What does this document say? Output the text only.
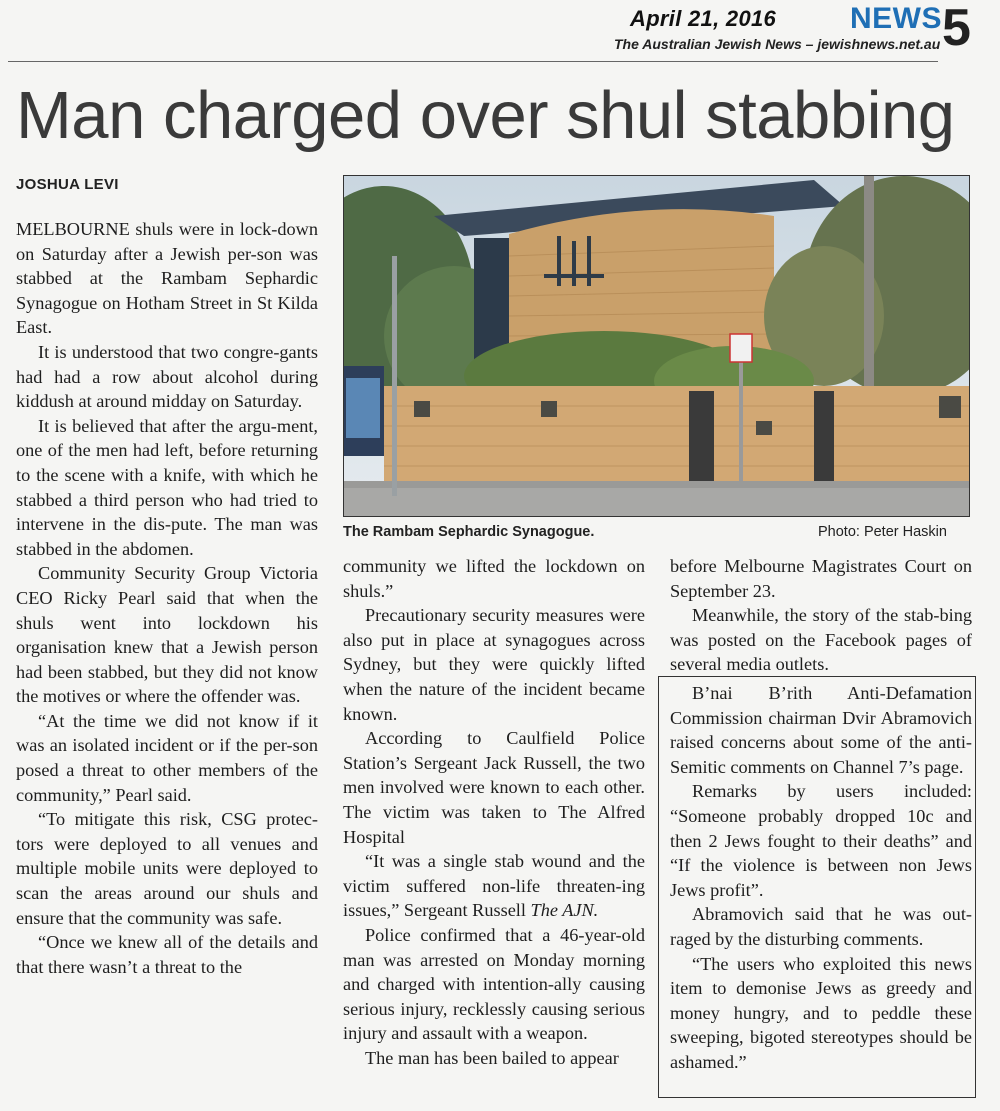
April 21, 2016 NEWS 5
The Australian Jewish News – jewishnews.net.au
Man charged over shul stabbing
JOSHUA LEVI
The Rambam Sephardic Synagogue.	Photo: Peter Haskin

MELBOURNE shuls were in lock-down on Saturday after a Jewish per-son was stabbed at the Rambam Sephardic Synagogue on Hotham Street in St Kilda East.

It is understood that two congre-gants had had a row about alcohol during kiddush at around midday on Saturday.

It is believed that after the argu-ment, one of the men had left, before returning to the scene with a knife, with which he stabbed a third person who had tried to intervene in the dis-pute. The man was stabbed in the abdomen.

Community Security Group Victoria CEO Ricky Pearl said that when the shuls went into lockdown his organisation knew that a Jewish person had been stabbed, but they did not know the motives or where the offender was.

“At the time we did not know if it was an isolated incident or if the per-son posed a threat to other members of the community,” Pearl said.

“To mitigate this risk, CSG protec-tors were deployed to all venues and multiple mobile units were deployed to scan the areas around our shuls and ensure that the community was safe.

“Once we knew all of the details and that there wasn’t a threat to the

community we lifted the lockdown on shuls.”

Precautionary security measures were also put in place at synagogues across Sydney, but they were quickly lifted when the nature of the incident became known.

According to Caulfield Police Station’s Sergeant Jack Russell, the two men involved were known to each other. The victim was taken to The Alfred Hospital

“It was a single stab wound and the victim suffered non-life threaten-ing issues,” Sergeant Russell The AJN.

Police confirmed that a 46-year-old man was arrested on Monday morning and charged with intention-ally causing serious injury, recklessly causing serious injury and assault with a weapon.

The man has been bailed to appear

before Melbourne Magistrates Court on September 23.

Meanwhile, the story of the stab-bing was posted on the Facebook pages of several media outlets.

B’nai B’rith Anti-Defamation Commission chairman Dvir Abramovich raised concerns about some of the anti-Semitic comments on Channel 7’s page.

Remarks by users included: “Someone probably dropped 10c and then 2 Jews fought to their deaths” and “If the violence is between non Jews Jews profit”.

Abramovich said that he was out-raged by the disturbing comments.

“The users who exploited this news item to demonise Jews as greedy and money hungry, and to peddle these sweeping, bigoted stereotypes should be ashamed.”
